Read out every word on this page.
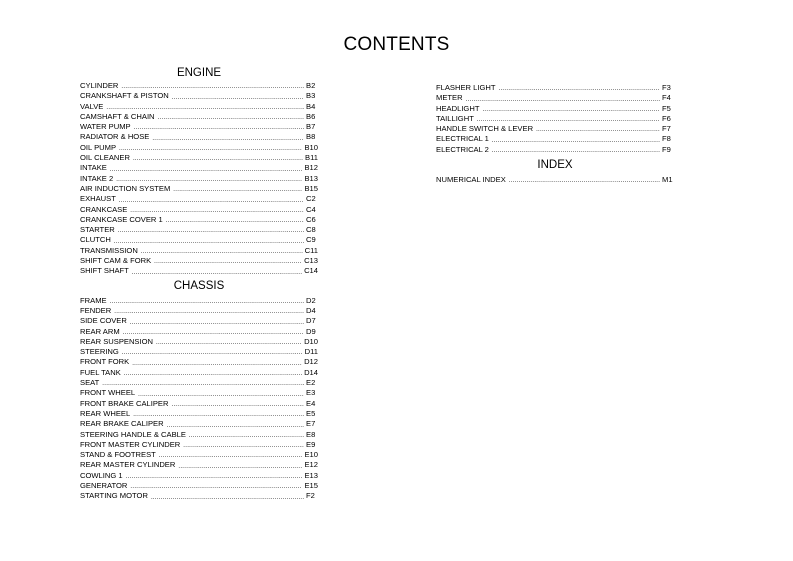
CONTENTS
ENGINE
CYLINDER .....	B2
CRANKSHAFT & PISTON .....	B3
VALVE .....	B4
CAMSHAFT & CHAIN .....	B6
WATER PUMP .....	B7
RADIATOR & HOSE .....	B8
OIL PUMP .....	B10
OIL CLEANER .....	B11
INTAKE .....	B12
INTAKE 2 .....	B13
AIR INDUCTION SYSTEM .....	B15
EXHAUST .....	C2
CRANKCASE .....	C4
CRANKCASE COVER 1 .....	C6
STARTER .....	C8
CLUTCH .....	C9
TRANSMISSION .....	C11
SHIFT CAM & FORK .....	C13
SHIFT SHAFT .....	C14
CHASSIS
FRAME .....	D2
FENDER .....	D4
SIDE COVER .....	D7
REAR ARM .....	D9
REAR SUSPENSION .....	D10
STEERING .....	D11
FRONT FORK .....	D12
FUEL TANK .....	D14
SEAT .....	E2
FRONT WHEEL .....	E3
FRONT BRAKE CALIPER .....	E4
REAR WHEEL .....	E5
REAR BRAKE CALIPER .....	E7
STEERING HANDLE & CABLE .....	E8
FRONT MASTER CYLINDER .....	E9
STAND & FOOTREST .....	E10
REAR MASTER CYLINDER .....	E12
COWLING 1 .....	E13
GENERATOR .....	E15
STARTING MOTOR .....	F2
FLASHER LIGHT .....	F3
METER .....	F4
HEADLIGHT .....	F5
TAILLIGHT .....	F6
HANDLE SWITCH & LEVER .....	F7
ELECTRICAL 1 .....	F8
ELECTRICAL 2 .....	F9
INDEX
NUMERICAL INDEX .....	M1
